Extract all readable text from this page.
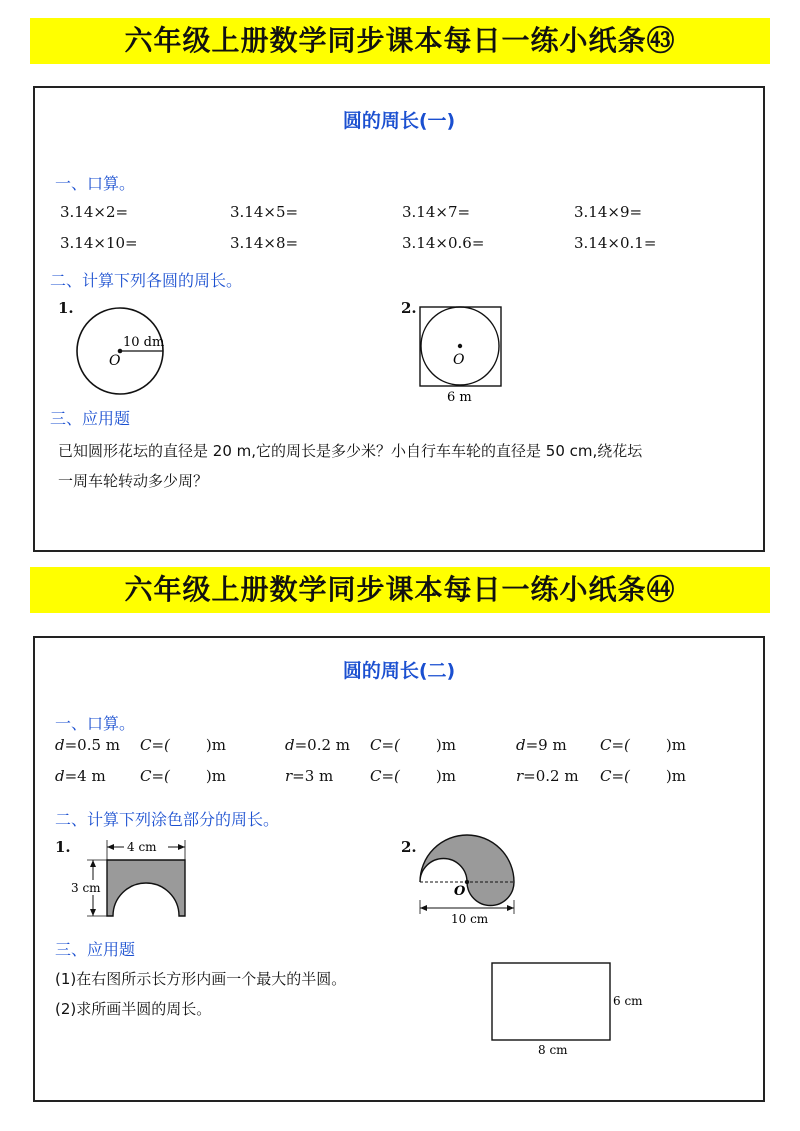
六年级上册数学同步课本每日一练小纸条㊸
圆的周长(一)
一、口算。
3.14×2=	3.14×5=	3.14×7=	3.14×9=
3.14×10=	3.14×8=	3.14×0.6=	3.14×0.1=
二、计算下列各圆的周长。
1.
10 dm
O
2.
O
6 m
三、应用题
已知圆形花坛的直径是 20 m,它的周长是多少米？小自行车车轮的直径是 50 cm,绕花坛
一周车轮转动多少周？
六年级上册数学同步课本每日一练小纸条㊹
圆的周长(二)
一、口算。
d=0.5 m C=( )m	d=0.2 m C=( )m	d=9 m C=( )m
d=4 m C=( )m	r=3 m C=( )m	r=0.2 m C=( )m
二、计算下列涂色部分的周长。
1.	4 cm
3 cm
2.
O
10 cm
三、应用题
(1)在右图所示长方形内画一个最大的半圆。
(2)求所画半圆的周长。	6 cm
8 cm
